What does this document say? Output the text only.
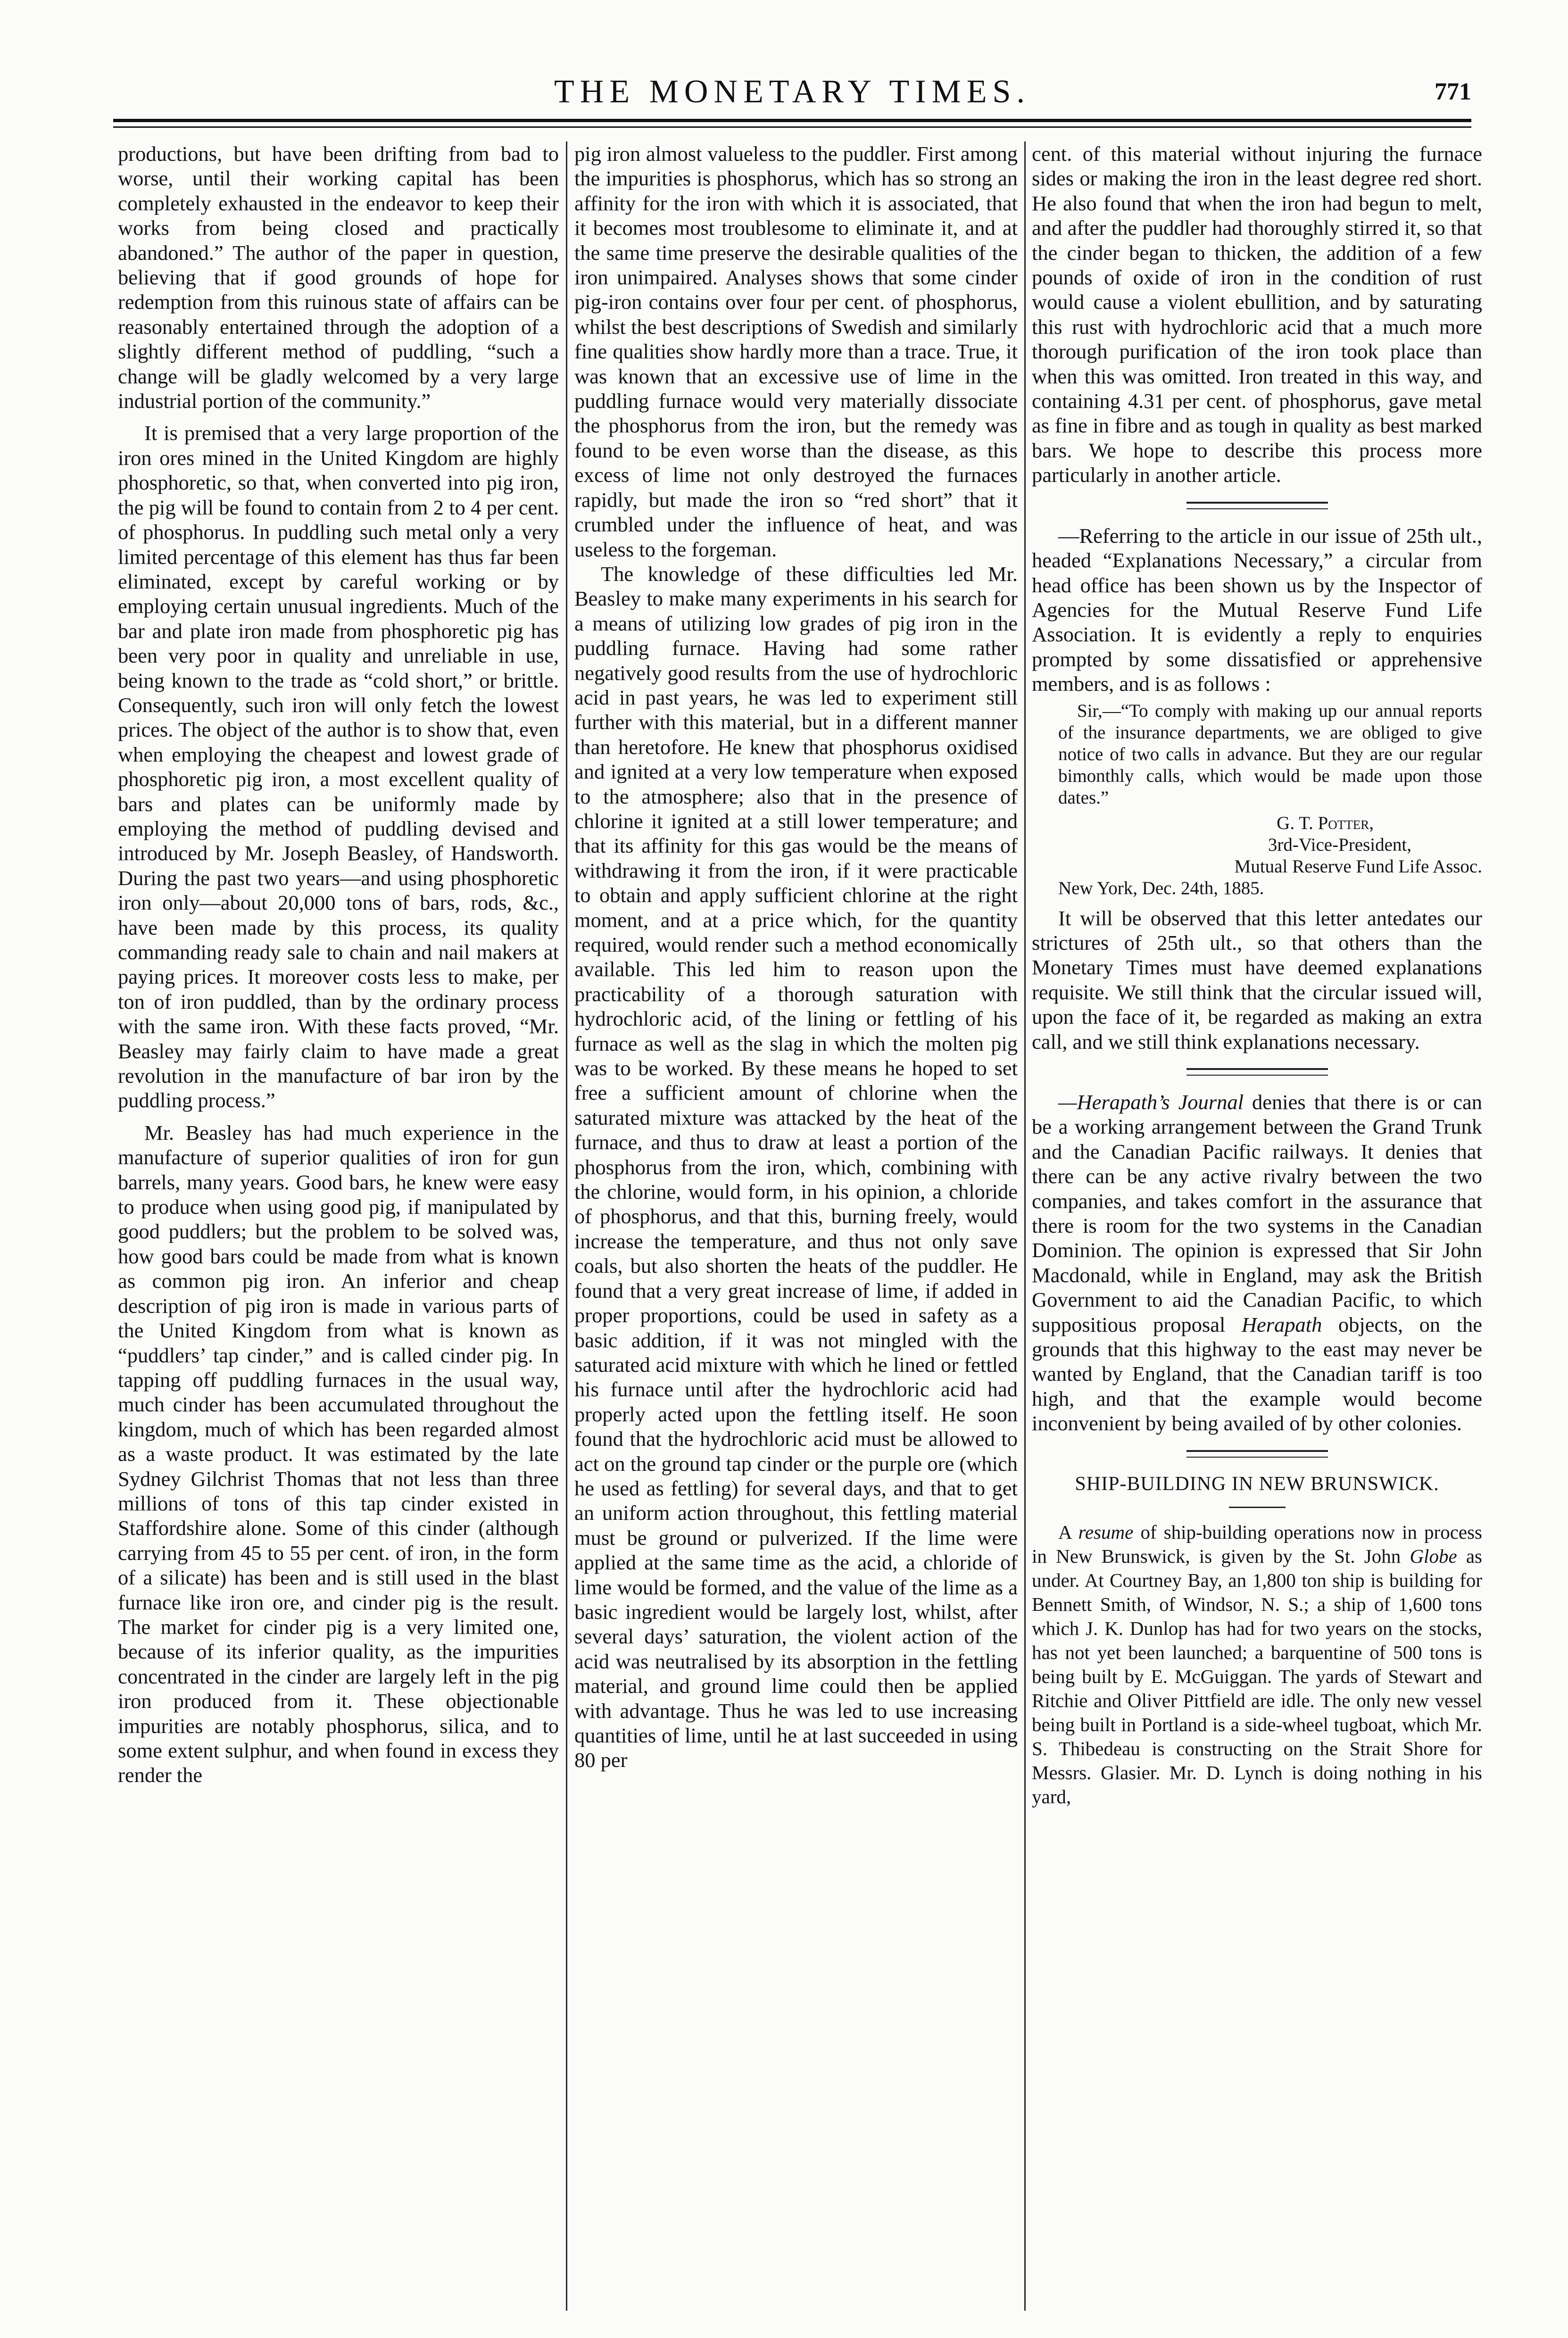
THE MONETARY TIMES.	771

productions, but have been drifting from bad to worse, until their working capital has been completely exhausted in the endeavor to keep their works from being closed and practically abandoned.” The author of the paper in question, believing that if good grounds of hope for redemption from this ruinous state of affairs can be reasonably entertained through the adoption of a slightly different method of puddling, “such a change will be gladly welcomed by a very large industrial portion of the community.”

It is premised that a very large proportion of the iron ores mined in the United Kingdom are highly phosphoretic, so that, when converted into pig iron, the pig will be found to contain from 2 to 4 per cent. of phosphorus. In puddling such metal only a very limited percentage of this element has thus far been eliminated, except by careful working or by employing certain unusual ingredients. Much of the bar and plate iron made from phosphoretic pig has been very poor in quality and unreliable in use, being known to the trade as “cold short,” or brittle. Consequently, such iron will only fetch the lowest prices. The object of the author is to show that, even when employing the cheapest and lowest grade of phosphoretic pig iron, a most excellent quality of bars and plates can be uniformly made by employing the method of puddling devised and introduced by Mr. Joseph Beasley, of Handsworth. During the past two years—and using phosphoretic iron only—about 20,000 tons of bars, rods, &c., have been made by this process, its quality commanding ready sale to chain and nail makers at paying prices. It moreover costs less to make, per ton of iron puddled, than by the ordinary process with the same iron. With these facts proved, “Mr. Beasley may fairly claim to have made a great revolution in the manufacture of bar iron by the puddling process.”

Mr. Beasley has had much experience in the manufacture of superior qualities of iron for gun barrels, many years. Good bars, he knew were easy to produce when using good pig, if manipulated by good puddlers; but the problem to be solved was, how good bars could be made from what is known as common pig iron. An inferior and cheap description of pig iron is made in various parts of the United Kingdom from what is known as “puddlers’ tap cinder,” and is called cinder pig. In tapping off puddling furnaces in the usual way, much cinder has been accumulated throughout the kingdom, much of which has been regarded almost as a waste product. It was estimated by the late Sydney Gilchrist Thomas that not less than three millions of tons of this tap cinder existed in Staffordshire alone. Some of this cinder (although carrying from 45 to 55 per cent. of iron, in the form of a silicate) has been and is still used in the blast furnace like iron ore, and cinder pig is the result. The market for cinder pig is a very limited one, because of its inferior quality, as the impurities concentrated in the cinder are largely left in the pig iron produced from it. These objectionable impurities are notably phosphorus, silica, and to some extent sulphur, and when found in excess they render the

pig iron almost valueless to the puddler. First among the impurities is phosphorus, which has so strong an affinity for the iron with which it is associated, that it becomes most troublesome to eliminate it, and at the same time preserve the desirable qualities of the iron unimpaired. Analyses shows that some cinder pig-iron contains over four per cent. of phosphorus, whilst the best descriptions of Swedish and similarly fine qualities show hardly more than a trace. True, it was known that an excessive use of lime in the puddling furnace would very materially dissociate the phosphorus from the iron, but the remedy was found to be even worse than the disease, as this excess of lime not only destroyed the furnaces rapidly, but made the iron so “red short” that it crumbled under the influence of heat, and was useless to the forgeman.

The knowledge of these difficulties led Mr. Beasley to make many experiments in his search for a means of utilizing low grades of pig iron in the puddling furnace. Having had some rather negatively good results from the use of hydrochloric acid in past years, he was led to experiment still further with this material, but in a different manner than heretofore. He knew that phosphorus oxidised and ignited at a very low temperature when exposed to the atmosphere; also that in the presence of chlorine it ignited at a still lower temperature; and that its affinity for this gas would be the means of withdrawing it from the iron, if it were practicable to obtain and apply sufficient chlorine at the right moment, and at a price which, for the quantity required, would render such a method economically available. This led him to reason upon the practicability of a thorough saturation with hydrochloric acid, of the lining or fettling of his furnace as well as the slag in which the molten pig was to be worked. By these means he hoped to set free a sufficient amount of chlorine when the saturated mixture was attacked by the heat of the furnace, and thus to draw at least a portion of the phosphorus from the iron, which, combining with the chlorine, would form, in his opinion, a chloride of phosphorus, and that this, burning freely, would increase the temperature, and thus not only save coals, but also shorten the heats of the puddler. He found that a very great increase of lime, if added in proper proportions, could be used in safety as a basic addition, if it was not mingled with the saturated acid mixture with which he lined or fettled his furnace until after the hydrochloric acid had properly acted upon the fettling itself. He soon found that the hydrochloric acid must be allowed to act on the ground tap cinder or the purple ore (which he used as fettling) for several days, and that to get an uniform action throughout, this fettling material must be ground or pulverized. If the lime were applied at the same time as the acid, a chloride of lime would be formed, and the value of the lime as a basic ingredient would be largely lost, whilst, after several days’ saturation, the violent action of the acid was neutralised by its absorption in the fettling material, and ground lime could then be applied with advantage. Thus he was led to use increasing quantities of lime, until he at last succeeded in using 80 per

cent. of this material without injuring the furnace sides or making the iron in the least degree red short. He also found that when the iron had begun to melt, and after the puddler had thoroughly stirred it, so that the cinder began to thicken, the addition of a few pounds of oxide of iron in the condition of rust would cause a violent ebullition, and by saturating this rust with hydrochloric acid that a much more thorough purification of the iron took place than when this was omitted. Iron treated in this way, and containing 4.31 per cent. of phosphorus, gave metal as fine in fibre and as tough in quality as best marked bars. We hope to describe this process more particularly in another article.

—Referring to the article in our issue of 25th ult., headed “Explanations Necessary,” a circular from head office has been shown us by the Inspector of Agencies for the Mutual Reserve Fund Life Association. It is evidently a reply to enquiries prompted by some dissatisfied or apprehensive members, and is as follows :

Sir,—“To comply with making up our annual reports of the insurance departments, we are obliged to give notice of two calls in advance. But they are our regular bimonthly calls, which would be made upon those dates.”

G. T. Potter,

3rd-Vice-President,

Mutual Reserve Fund Life Assoc.

New York, Dec. 24th, 1885.

It will be observed that this letter antedates our strictures of 25th ult., so that others than the Monetary Times must have deemed explanations requisite. We still think that the circular issued will, upon the face of it, be regarded as making an extra call, and we still think explanations necessary.

—Herapath’s Journal denies that there is or can be a working arrangement between the Grand Trunk and the Canadian Pacific railways. It denies that there can be any active rivalry between the two companies, and takes comfort in the assurance that there is room for the two systems in the Canadian Dominion. The opinion is expressed that Sir John Macdonald, while in England, may ask the British Government to aid the Canadian Pacific, to which suppositious proposal Herapath objects, on the grounds that this highway to the east may never be wanted by England, that the Canadian tariff is too high, and that the example would become inconvenient by being availed of by other colonies.

SHIP-BUILDING IN NEW BRUNSWICK.

A resume of ship-building operations now in process in New Brunswick, is given by the St. John Globe as under. At Courtney Bay, an 1,800 ton ship is building for Bennett Smith, of Windsor, N. S.; a ship of 1,600 tons which J. K. Dunlop has had for two years on the stocks, has not yet been launched; a barquentine of 500 tons is being built by E. McGuiggan. The yards of Stewart and Ritchie and Oliver Pittfield are idle. The only new vessel being built in Portland is a side-wheel tugboat, which Mr. S. Thibedeau is constructing on the Strait Shore for Messrs. Glasier. Mr. D. Lynch is doing nothing in his yard,
